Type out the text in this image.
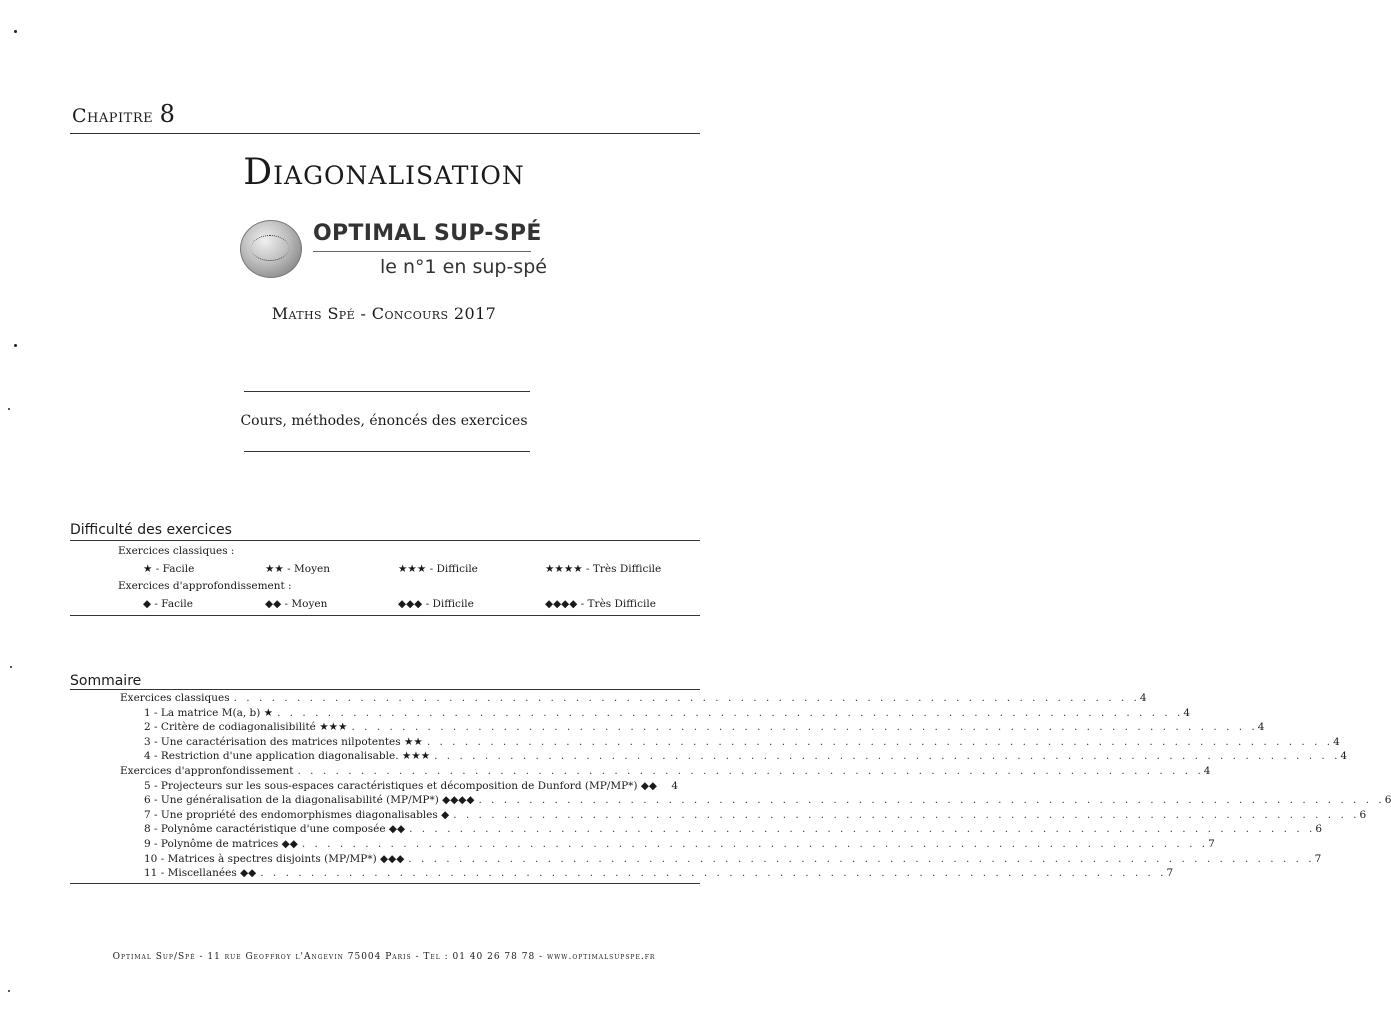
Chapitre 8
Diagonalisation
OPTIMAL SUP-SPÉ
le n°1 en sup-spé
Maths Spé - Concours 2017
Cours, méthodes, énoncés des exercices
Difficulté des exercices
Exercices classiques :
★ - Facile	★★ - Moyen	★★★ - Difficile	★★★★ - Très Difficile
Exercices d'approfondissement :
◆ - Facile	◆◆ - Moyen	◆◆◆ - Difficile	◆◆◆◆ - Très Difficile
Sommaire
Exercices classiques . . . . . . . . . . . . . . . . . . . . . . . . . . . . . . . . . . . . . . . . . . . . . . . . . . . . . . . . . . . . . . . . . . . . . . . . 4
1 - La matrice M(a, b) ★ . . . . . . . . . . . . . . . . . . . . . . . . . . . . . . . . . . . . . . . . . . . . . . . . . . . . . . . . . . . . . . . . . . . . . . . . 4
2 - Critère de codiagonalisibilité ★★★ . . . . . . . . . . . . . . . . . . . . . . . . . . . . . . . . . . . . . . . . . . . . . . . . . . . . . . . . . . . . . . . . . . . . . . . . 4
3 - Une caractérisation des matrices nilpotentes ★★ . . . . . . . . . . . . . . . . . . . . . . . . . . . . . . . . . . . . . . . . . . . . . . . . . . . . . . . . . . . . . . . . . . . . . . . . 4
4 - Restriction d'une application diagonalisable. ★★★ . . . . . . . . . . . . . . . . . . . . . . . . . . . . . . . . . . . . . . . . . . . . . . . . . . . . . . . . . . . . . . . . . . . . . . . . 4
Exercices d'appronfondissement . . . . . . . . . . . . . . . . . . . . . . . . . . . . . . . . . . . . . . . . . . . . . . . . . . . . . . . . . . . . . . . . . . . . . . . . 4
5 - Projecteurs sur les sous-espaces caractéristiques et décomposition de Dunford (MP/MP*) ◆◆	4
6 - Une généralisation de la diagonalisabilité (MP/MP*) ◆◆◆◆ . . . . . . . . . . . . . . . . . . . . . . . . . . . . . . . . . . . . . . . . . . . . . . . . . . . . . . . . . . . . . . . . . . . . . . . . 6
7 - Une propriété des endomorphismes diagonalisables ◆ . . . . . . . . . . . . . . . . . . . . . . . . . . . . . . . . . . . . . . . . . . . . . . . . . . . . . . . . . . . . . . . . . . . . . . . . 6
8 - Polynôme caractéristique d'une composée ◆◆ . . . . . . . . . . . . . . . . . . . . . . . . . . . . . . . . . . . . . . . . . . . . . . . . . . . . . . . . . . . . . . . . . . . . . . . . 6
9 - Polynôme de matrices ◆◆ . . . . . . . . . . . . . . . . . . . . . . . . . . . . . . . . . . . . . . . . . . . . . . . . . . . . . . . . . . . . . . . . . . . . . . . . 7
10 - Matrices à spectres disjoints (MP/MP*) ◆◆◆ . . . . . . . . . . . . . . . . . . . . . . . . . . . . . . . . . . . . . . . . . . . . . . . . . . . . . . . . . . . . . . . . . . . . . . . . 7
11 - Miscellanées ◆◆ . . . . . . . . . . . . . . . . . . . . . . . . . . . . . . . . . . . . . . . . . . . . . . . . . . . . . . . . . . . . . . . . . . . . . . . . 7
Optimal Sup/Spé - 11 rue Geoffroy l'Angevin 75004 Paris - Tel : 01 40 26 78 78 - www.optimalsupspe.fr
